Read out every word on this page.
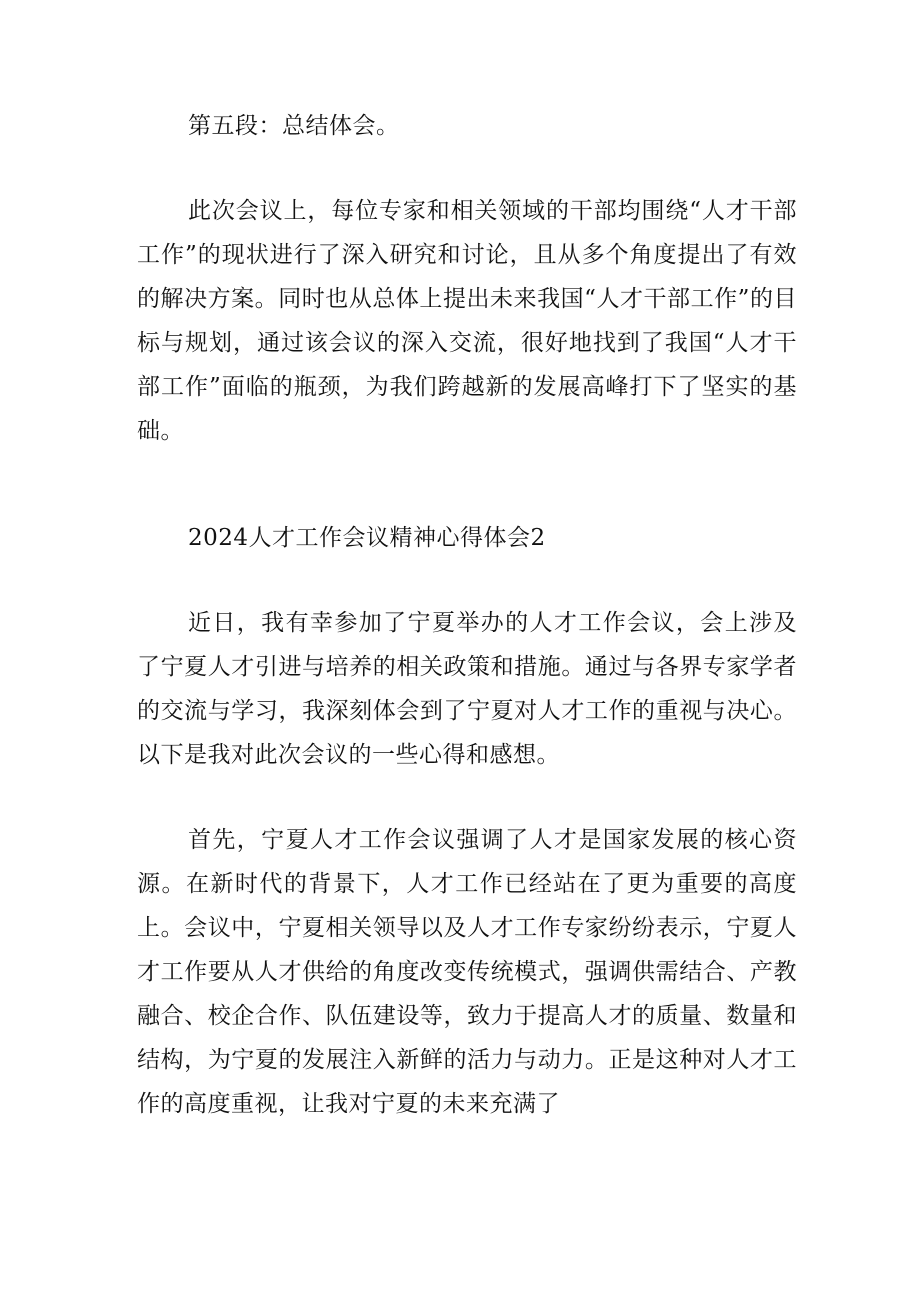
第五段：总结体会。

此次会议上，每位专家和相关领域的干部均围绕“人才干部工作”的现状进行了深入研究和讨论，且从多个角度提出了有效的解决方案。同时也从总体上提出未来我国“人才干部工作”的目标与规划，通过该会议的深入交流，很好地找到了我国“人才干部工作”面临的瓶颈，为我们跨越新的发展高峰打下了坚实的基础。

2024人才工作会议精神心得体会2

近日，我有幸参加了宁夏举办的人才工作会议，会上涉及了宁夏人才引进与培养的相关政策和措施。通过与各界专家学者的交流与学习，我深刻体会到了宁夏对人才工作的重视与决心。以下是我对此次会议的一些心得和感想。

首先，宁夏人才工作会议强调了人才是国家发展的核心资源。在新时代的背景下，人才工作已经站在了更为重要的高度上。会议中，宁夏相关领导以及人才工作专家纷纷表示，宁夏人才工作要从人才供给的角度改变传统模式，强调供需结合、产教融合、校企合作、队伍建设等，致力于提高人才的质量、数量和结构，为宁夏的发展注入新鲜的活力与动力。正是这种对人才工作的高度重视，让我对宁夏的未来充满了
